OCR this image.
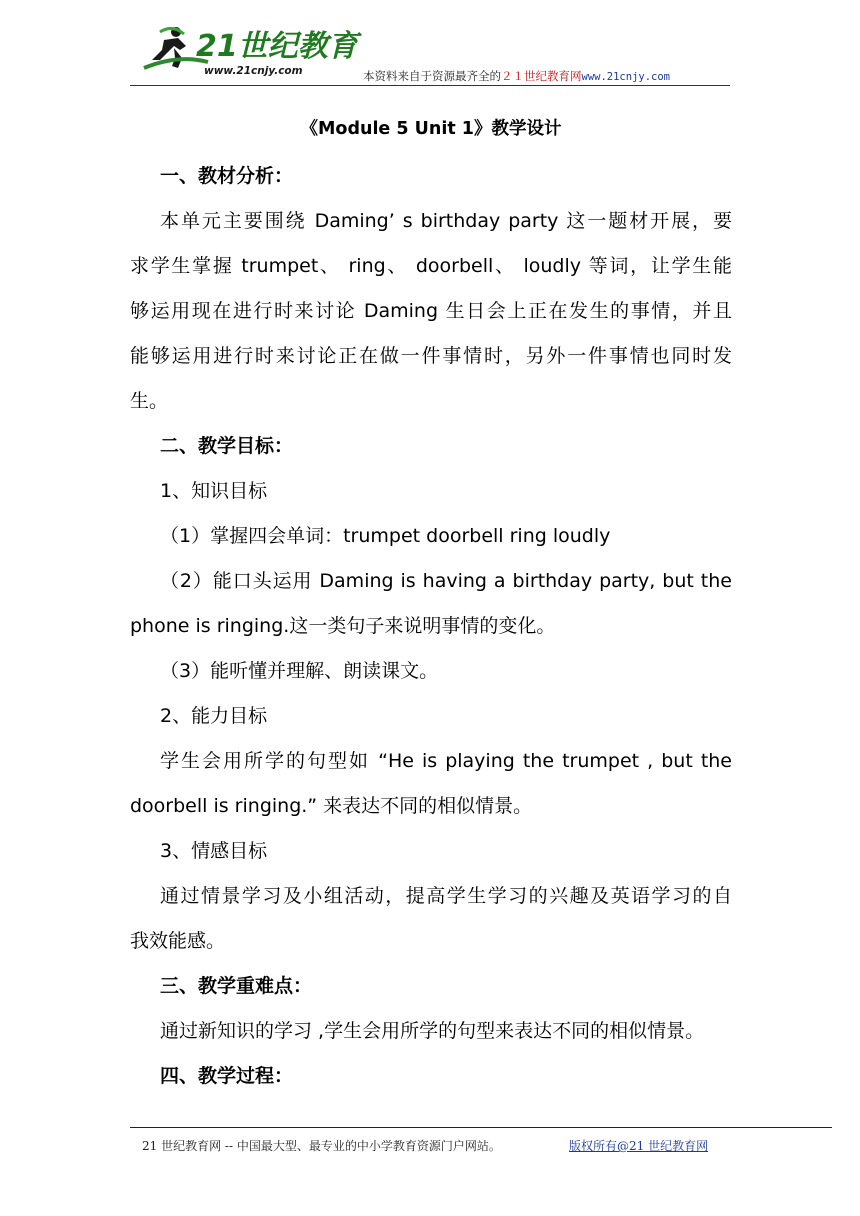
21世纪教育
www.21cnjy.com	本资料来自于资源最齐全的２１世纪教育网www.21cnjy.com
《Module 5 Unit 1》教学设计

一、教材分析：

本单元主要围绕 Daming’ s birthday party 这一题材开展，要

求学生掌握 trumpet、 ring、 doorbell、 loudly 等词，让学生能

够运用现在进行时来讨论 Daming 生日会上正在发生的事情，并且

能够运用进行时来讨论正在做一件事情时，另外一件事情也同时发

生。

二、教学目标：

1、知识目标

（1）掌握四会单词：trumpet doorbell ring loudly

（2）能口头运用 Daming is having a birthday party, but the

phone is ringing.这一类句子来说明事情的变化。

（3）能听懂并理解、朗读课文。

2、能力目标

学生会用所学的句型如 “He is playing the trumpet , but the

doorbell is ringing.” 来表达不同的相似情景。

3、情感目标

通过情景学习及小组活动，提高学生学习的兴趣及英语学习的自

我效能感。

三、教学重难点：

通过新知识的学习 ,学生会用所学的句型来表达不同的相似情景。

四、教学过程：

21 世纪教育网 -- 中国最大型、最专业的中小学教育资源门户网站。	版权所有@21 世纪教育网
